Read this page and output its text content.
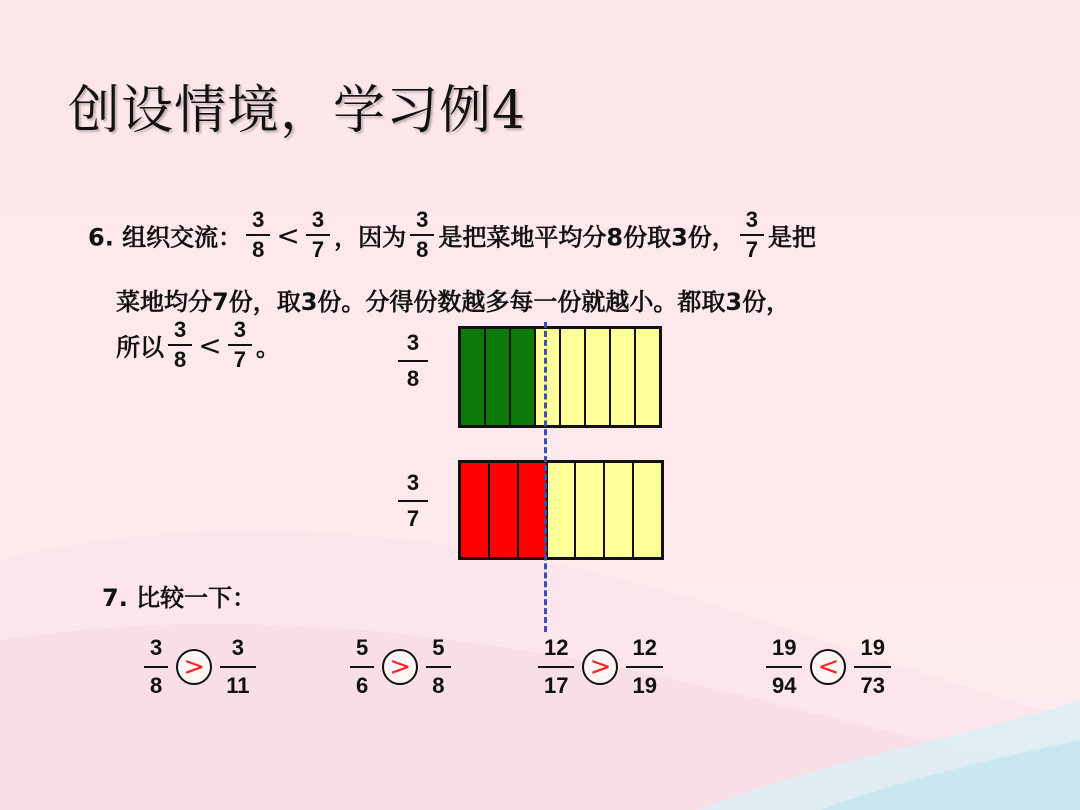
创设情境，学习例4
6. 组织交流： $\frac{3}{8} < \frac{3}{7}$ ，因为 $\frac{3}{8}$ 是把菜地平均分8份取3份， $\frac{3}{7}$ 是把
菜地均分7份，取3份。分得份数越多每一份就越小。都取3份，
所以 $\frac{3}{8} < \frac{3}{7}$ 。	3
8
3
7
7. 比较一下：
$\frac{3}{8} > \frac{3}{11}$	$\frac{5}{6} > \frac{5}{8}$	$\frac{12}{17} > \frac{12}{19}$	$\frac{19}{94} < \frac{19}{73}$
